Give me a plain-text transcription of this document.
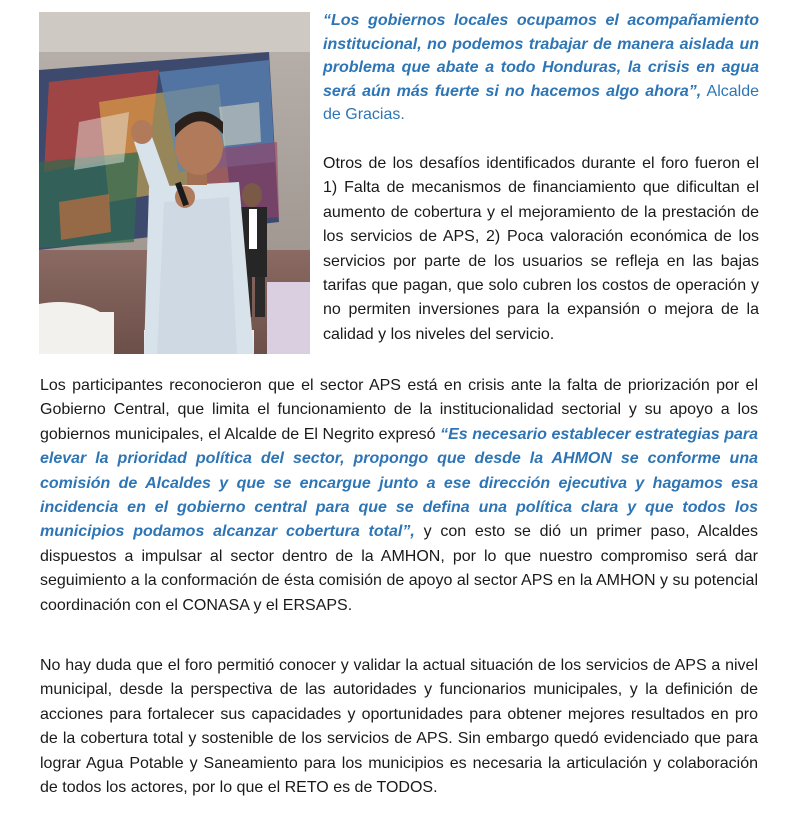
“Los gobiernos locales ocupamos el acompañamiento institucional, no podemos trabajar de manera aislada un problema que abate a todo Honduras, la crisis en agua será aún más fuerte si no hacemos algo ahora”, Alcalde de Gracias.

Otros de los desafíos identificados durante el foro fueron el 1) Falta de mecanismos de financiamiento que dificultan el aumento de cobertura y el mejoramiento de la prestación de los servicios de APS, 2) Poca valoración económica de los servicios por parte de los usuarios se refleja en las bajas tarifas que pagan, que solo cubren los costos de operación y no permiten inversiones para la expansión o mejora de la calidad y los niveles del servicio.

Los participantes reconocieron que el sector APS está en crisis ante la falta de priorización por el Gobierno Central, que limita el funcionamiento de la institucionalidad sectorial y su apoyo a los gobiernos municipales, el Alcalde de El Negrito expresó “Es necesario establecer estrategias para elevar la prioridad política del sector, propongo que desde la AHMON se conforme una comisión de Alcaldes y que se encargue junto a ese dirección ejecutiva y hagamos esa incidencia en el gobierno central para que se defina una política clara y que todos los municipios podamos alcanzar cobertura total”, y con esto se dió un primer paso, Alcaldes dispuestos a impulsar al sector dentro de la AMHON, por lo que nuestro compromiso será dar seguimiento a la conformación de ésta comisión de apoyo al sector APS en la AMHON y su potencial coordinación con el CONASA y el ERSAPS.

No hay duda que el foro permitió conocer y validar la actual situación de los servicios de APS a nivel municipal, desde la perspectiva de las autoridades y funcionarios municipales, y la definición de acciones para fortalecer sus capacidades y oportunidades para obtener mejores resultados en pro de la cobertura total y sostenible de los servicios de APS. Sin embargo quedó evidenciado que para lograr Agua Potable y Saneamiento para los municipios es necesaria la articulación y colaboración de todos los actores, por lo que el RETO es de TODOS.
